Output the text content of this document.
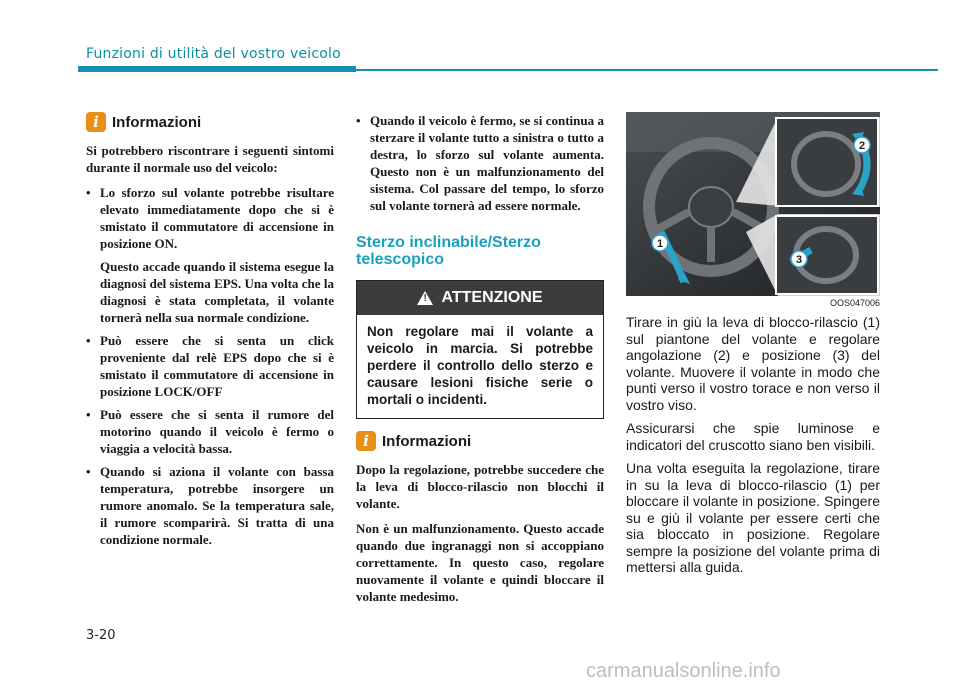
Funzioni di utilità del vostro veicolo
i Informazioni

Si potrebbero riscontrare i seguenti sintomi durante il normale uso del veicolo:

• Lo sforzo sul volante potrebbe risultare elevato immediatamente dopo che si è smistato il commutatore di accensione in posizione ON.

Questo accade quando il sistema esegue la diagnosi del sistema EPS. Una volta che la diagnosi è stata completata, il volante tornerà nella sua normale condizione.

• Può essere che si senta un click proveniente dal relè EPS dopo che si è smistato il commutatore di accensione in posizione LOCK/OFF
• Può essere che si senta il rumore del motorino quando il veicolo è fermo o viaggia a velocità bassa.
• Quando si aziona il volante con bassa temperatura, potrebbe insorgere un rumore anomalo. Se la temperatura sale, il rumore scomparirà. Si tratta di una condizione normale.
• Quando il veicolo è fermo, se si continua a sterzare il volante tutto a sinistra o tutto a destra, lo sforzo sul volante aumenta. Questo non è un malfunzionamento del sistema. Col passare del tempo, lo sforzo sul volante tornerà ad essere normale.
Sterzo inclinabile/Sterzo telescopico
! ATTENZIONE
Non regolare mai il volante a veicolo in marcia. Si potrebbe perdere il controllo dello sterzo e causare lesioni fisiche serie o mortali o incidenti.
i Informazioni

Dopo la regolazione, potrebbe succedere che la leva di blocco-rilascio non blocchi il volante.

Non è un malfunzionamento. Questo accade quando due ingranaggi non si accoppiano correttamente. In questo caso, regolare nuovamente il volante e quindi bloccare il volante medesimo.

1
2
3
OOS047006

Tirare in giù la leva di blocco-rilascio (1) sul piantone del volante e regolare angolazione (2) e posizione (3) del volante. Muovere il volante in modo che punti verso il vostro torace e non verso il vostro viso.

Assicurarsi che spie luminose e indicatori del cruscotto siano ben visibili.

Una volta eseguita la regolazione, tirare in su la leva di blocco-rilascio (1) per bloccare il volante in posizione. Spingere su e giù il volante per essere certi che sia bloccato in posizione. Regolare sempre la posizione del volante prima di mettersi alla guida.

3-20
carmanualsonline.info
